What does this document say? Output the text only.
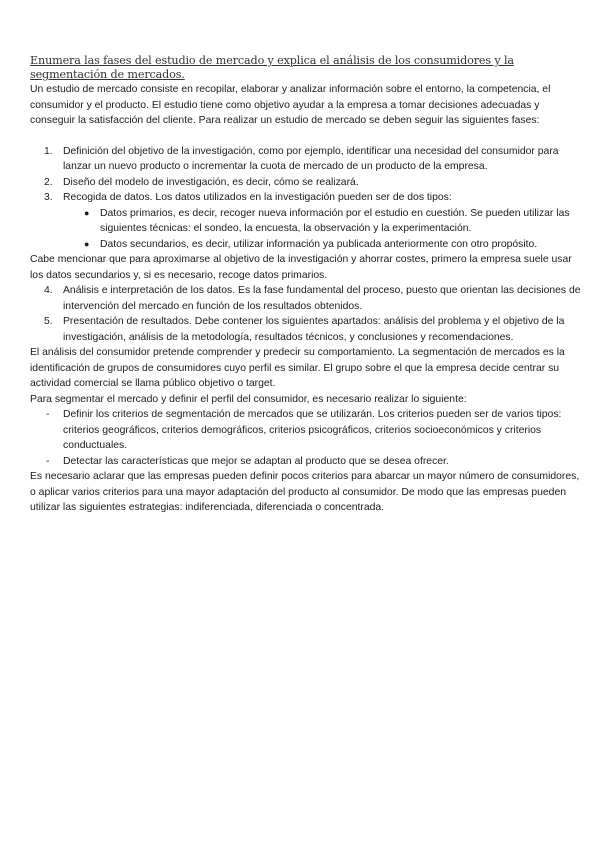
Enumera las fases del estudio de mercado y explica el análisis de los consumidores y la segmentación de mercados.

Un estudio de mercado consiste en recopilar, elaborar y analizar información sobre el entorno, la competencia, el consumidor y el producto. El estudio tiene como objetivo ayudar a la empresa a tomar decisiones adecuadas y conseguir la satisfacción del cliente. Para realizar un estudio de mercado se deben seguir las siguientes fases:

1. Definición del objetivo de la investigación, como por ejemplo, identificar una necesidad del consumidor para lanzar un nuevo producto o incrementar la cuota de mercado de un producto de la empresa.
2. Diseño del modelo de investigación, es decir, cómo se realizará.
3. Recogida de datos. Los datos utilizados en la investigación pueden ser de dos tipos:
● Datos primarios, es decir, recoger nueva información por el estudio en cuestión. Se pueden utilizar las siguientes técnicas: el sondeo, la encuesta, la observación y la experimentación.
● Datos secundarios, es decir, utilizar información ya publicada anteriormente con otro propósito.

Cabe mencionar que para aproximarse al objetivo de la investigación y ahorrar costes, primero la empresa suele usar los datos secundarios y, si es necesario, recoge datos primarios.

4. Análisis e interpretación de los datos. Es la fase fundamental del proceso, puesto que orientan las decisiones de intervención del mercado en función de los resultados obtenidos.
5. Presentación de resultados. Debe contener los siguientes apartados: análisis del problema y el objetivo de la investigación, análisis de la metodología, resultados técnicos, y conclusiones y recomendaciones.

El análisis del consumidor pretende comprender y predecir su comportamiento. La segmentación de mercados es la identificación de grupos de consumidores cuyo perfil es similar. El grupo sobre el que la empresa decide centrar su actividad comercial se llama público objetivo o target.

Para segmentar el mercado y definir el perfil del consumidor, es necesario realizar lo siguiente:

- Definir los criterios de segmentación de mercados que se utilizarán. Los criterios pueden ser de varios tipos: criterios geográficos, criterios demográficos, criterios psicográficos, criterios socioeconómicos y criterios conductuales.
- Detectar las características que mejor se adaptan al producto que se desea ofrecer.

Es necesario aclarar que las empresas pueden definir pocos criterios para abarcar un mayor número de consumidores, o aplicar varios criterios para una mayor adaptación del producto al consumidor. De modo que las empresas pueden utilizar las siguientes estrategias: indiferenciada, diferenciada o concentrada.
